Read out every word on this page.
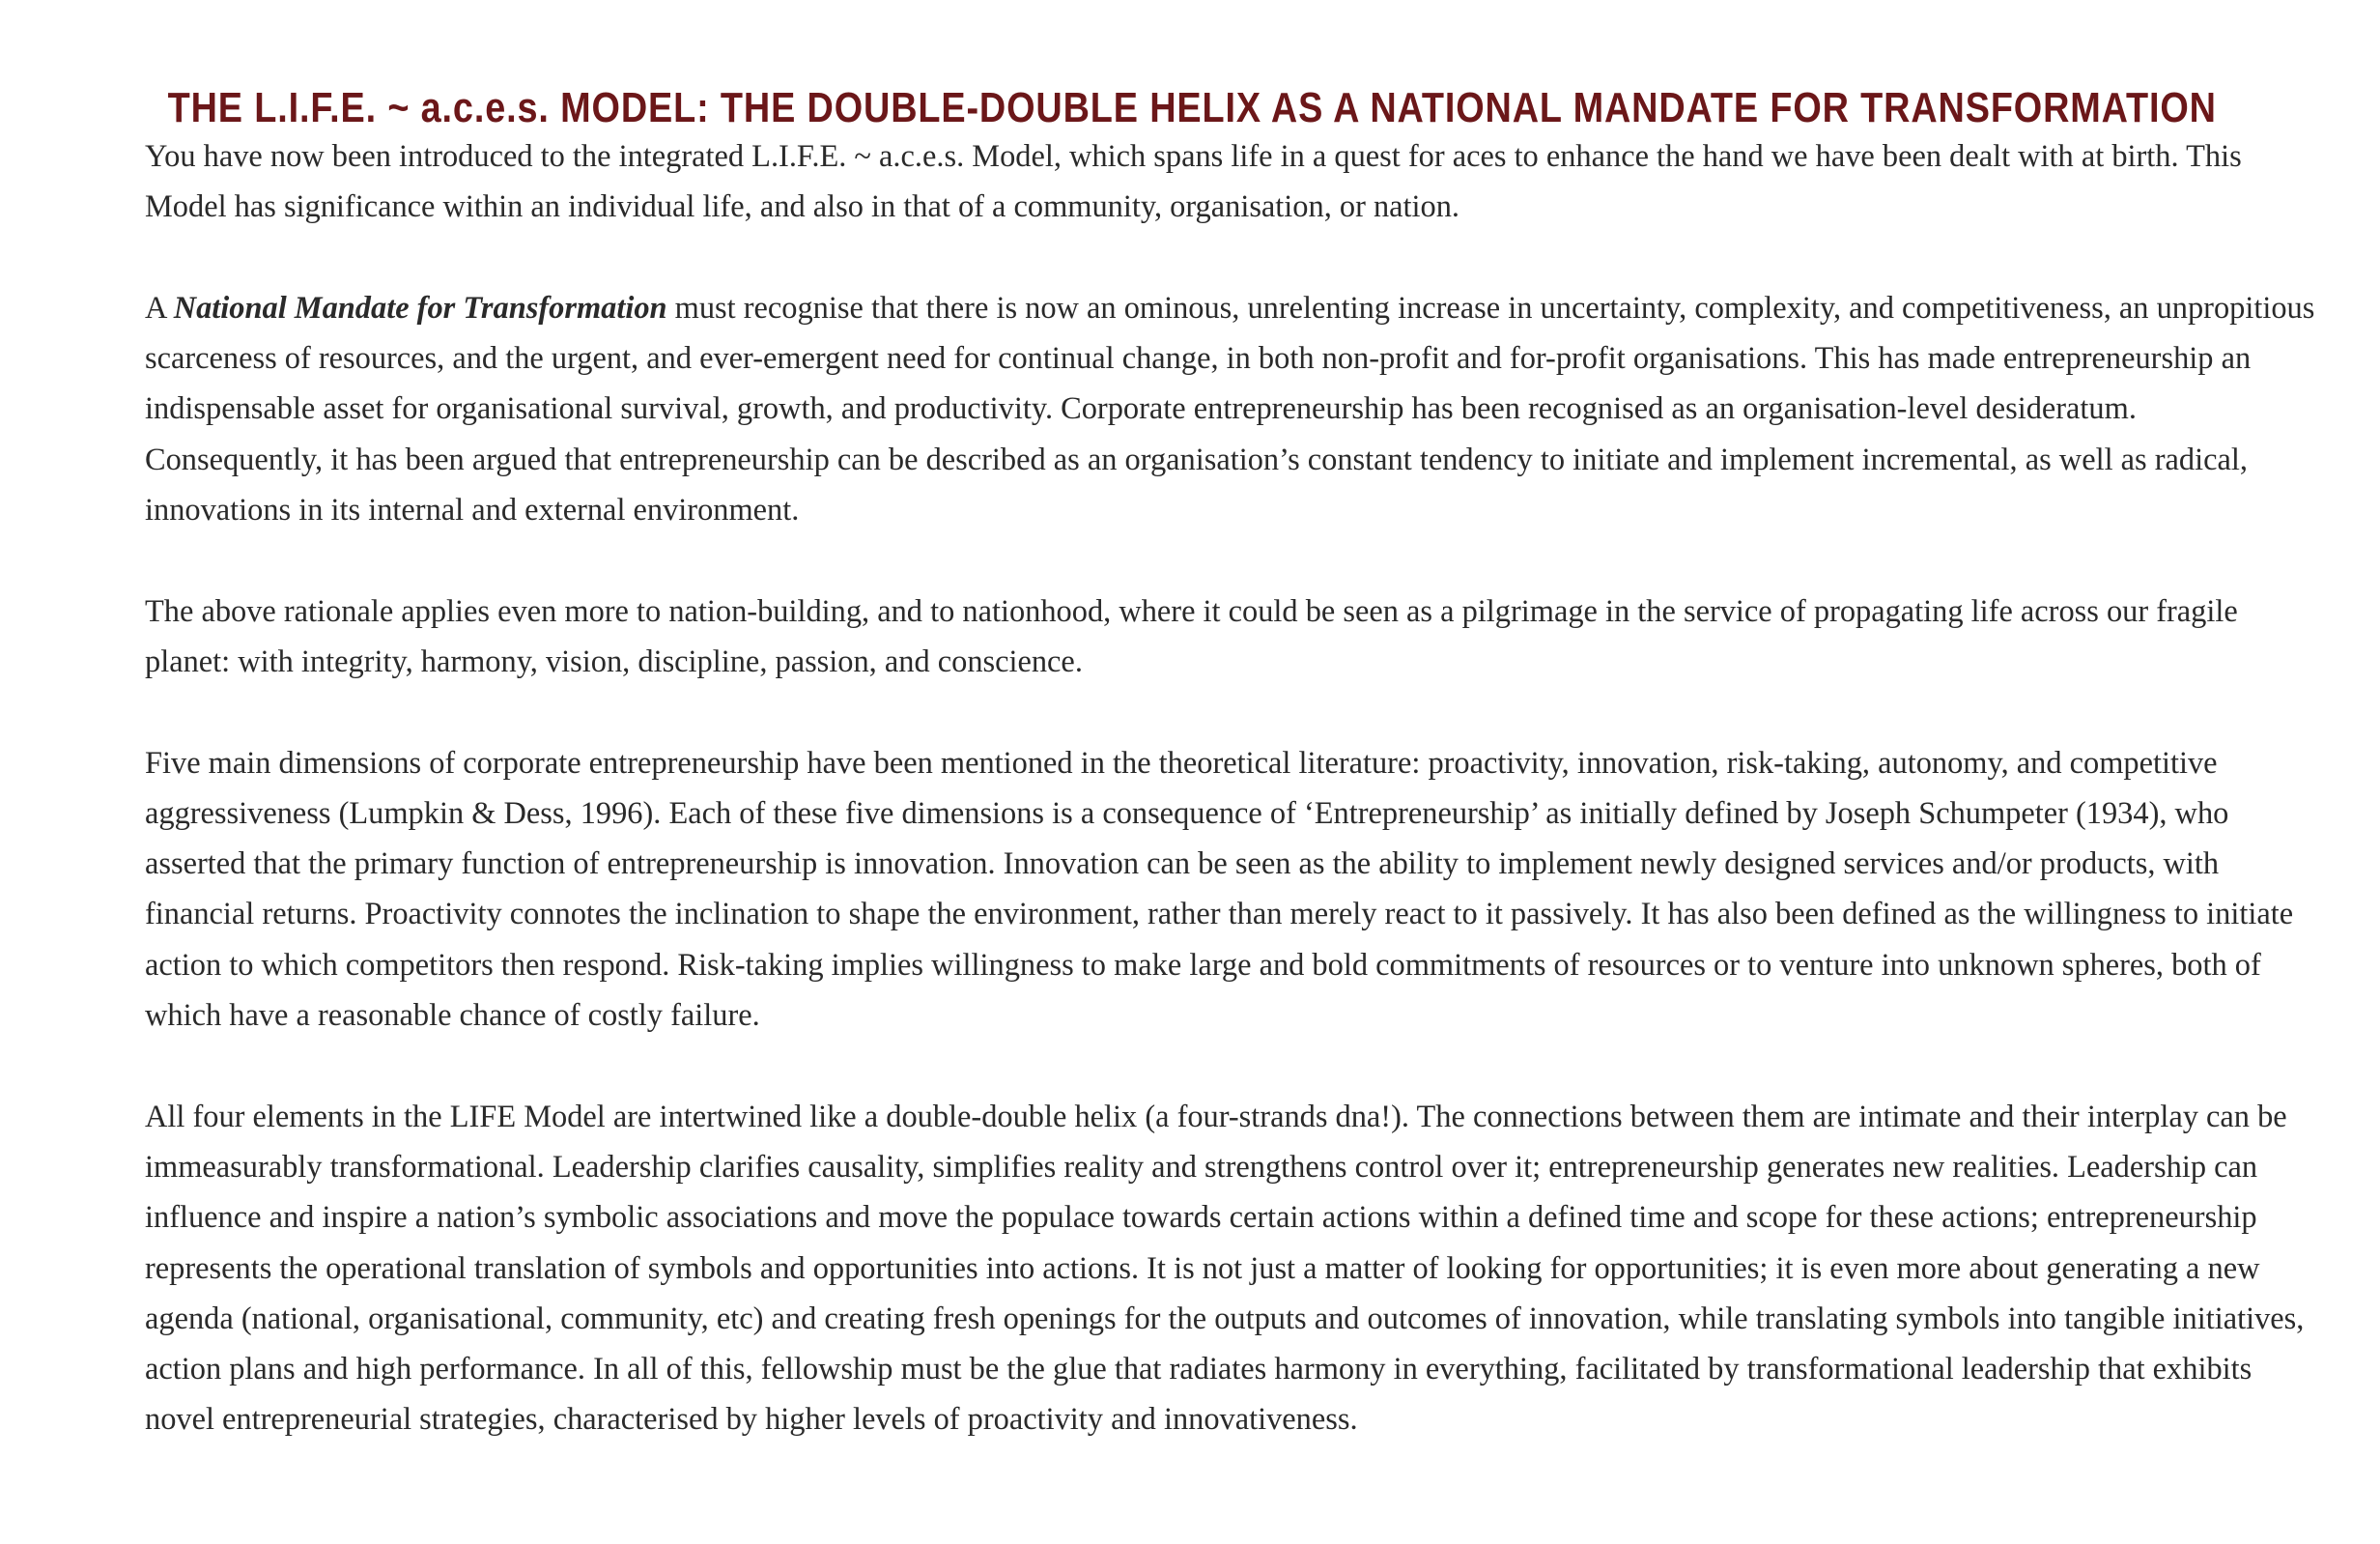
THE L.I.F.E. ~ a.c.e.s. MODEL: THE DOUBLE-DOUBLE HELIX AS A NATIONAL MANDATE FOR TRANSFORMATION

You have now been introduced to the integrated L.I.F.E. ~ a.c.e.s. Model, which spans life in a quest for aces to enhance the hand we have been dealt with at birth. This Model has significance within an individual life, and also in that of a community, organisation, or nation.

A National Mandate for Transformation must recognise that there is now an ominous, unrelenting increase in uncertainty, complexity, and competitiveness, an unpropitious scarceness of resources, and the urgent, and ever-emergent need for continual change, in both non-profit and for-profit organisations. This has made entrepreneurship an indispensable asset for organisational survival, growth, and productivity. Corporate entrepreneurship has been recognised as an organisation-level desideratum. Consequently, it has been argued that entrepreneurship can be described as an organisation’s constant tendency to initiate and implement incremental, as well as radical, innovations in its internal and external environment.

The above rationale applies even more to nation-building, and to nationhood, where it could be seen as a pilgrimage in the service of propagating life across our fragile planet: with integrity, harmony, vision, discipline, passion, and conscience.

Five main dimensions of corporate entrepreneurship have been mentioned in the theoretical literature: proactivity, innovation, risk-taking, autonomy, and competitive aggressiveness (Lumpkin & Dess, 1996). Each of these five dimensions is a consequence of ‘Entrepreneurship’ as initially defined by Joseph Schumpeter (1934), who asserted that the primary function of entrepreneurship is innovation. Innovation can be seen as the ability to implement newly designed services and/or products, with financial returns. Proactivity connotes the inclination to shape the environment, rather than merely react to it passively. It has also been defined as the willingness to initiate action to which competitors then respond. Risk-taking implies willingness to make large and bold commitments of resources or to venture into unknown spheres, both of which have a reasonable chance of costly failure.

All four elements in the LIFE Model are intertwined like a double-double helix (a four-strands dna!). The connections between them are intimate and their interplay can be immeasurably transformational. Leadership clarifies causality, simplifies reality and strengthens control over it; entrepreneurship generates new realities. Leadership can influence and inspire a nation’s symbolic associations and move the populace towards certain actions within a defined time and scope for these actions; entrepreneurship represents the operational translation of symbols and opportunities into actions. It is not just a matter of looking for opportunities; it is even more about generating a new agenda (national, organisational, community, etc) and creating fresh openings for the outputs and outcomes of innovation, while translating symbols into tangible initiatives, action plans and high performance. In all of this, fellowship must be the glue that radiates harmony in everything, facilitated by transformational leadership that exhibits novel entrepreneurial strategies, characterised by higher levels of proactivity and innovativeness.
